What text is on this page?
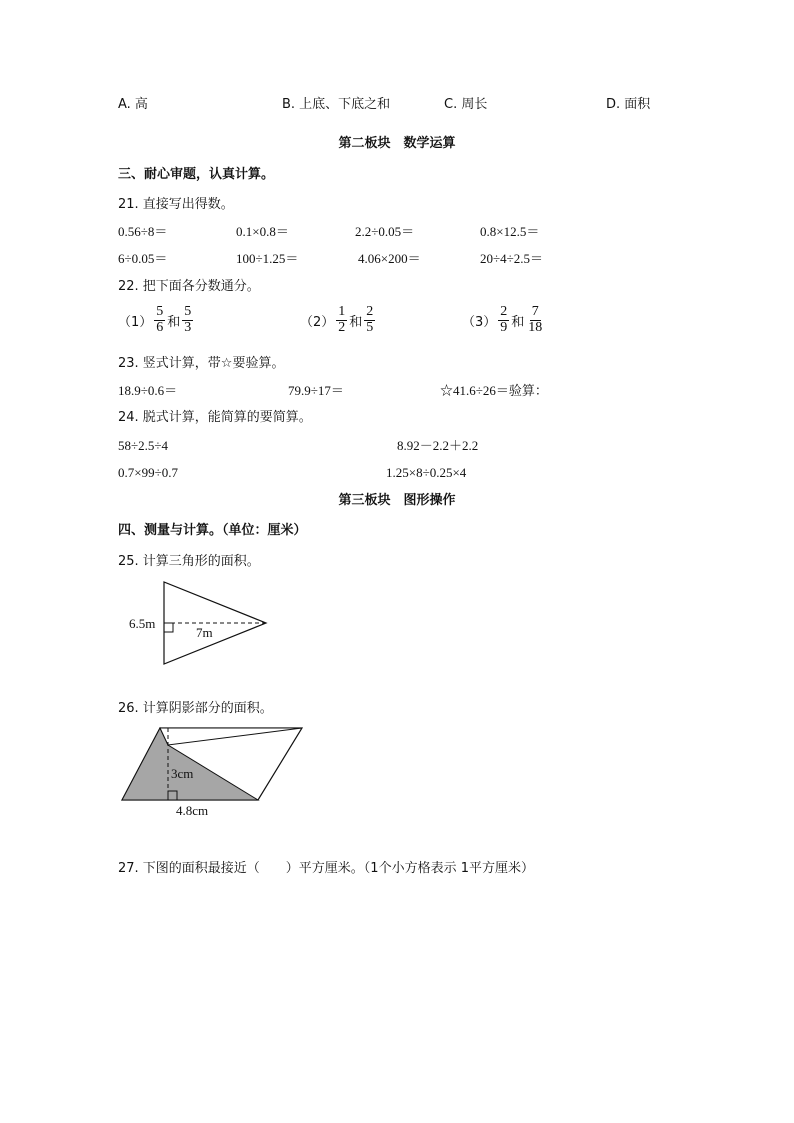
A. 高	B. 上底、下底之和	C. 周长	D. 面积
第二板块　数学运算
三、耐心审题，认真计算。
21. 直接写出得数。
0.56÷8＝	0.1×0.8＝	2.2÷0.05＝	0.8×12.5＝
6÷0.05＝	100÷1.25＝	4.06×200＝	20÷4÷2.5＝
22. 把下面各分数通分。
$(1) \frac{5}{6}$ 和 $\frac{5}{3}$	$(2) \frac{1}{2}$ 和 $\frac{2}{5}$	$(3) \frac{2}{9}$ 和 $\frac{7}{18}$
23. 竖式计算，带☆要验算。
18.9÷0.6＝	79.9÷17＝	☆41.6÷26＝验算：
24. 脱式计算，能简算的要简算。
58÷2.5÷4	8.92－2.2＋2.2
0.7×99÷0.7	1.25×8÷0.25×4
第三板块　图形操作
四、测量与计算。（单位：厘米）
25. 计算三角形的面积。
6.5m
7m
26. 计算阴影部分的面积。
3cm
4.8cm
27. 下图的面积最接近（　　）平方厘米。（1个小方格表示 1平方厘米）
